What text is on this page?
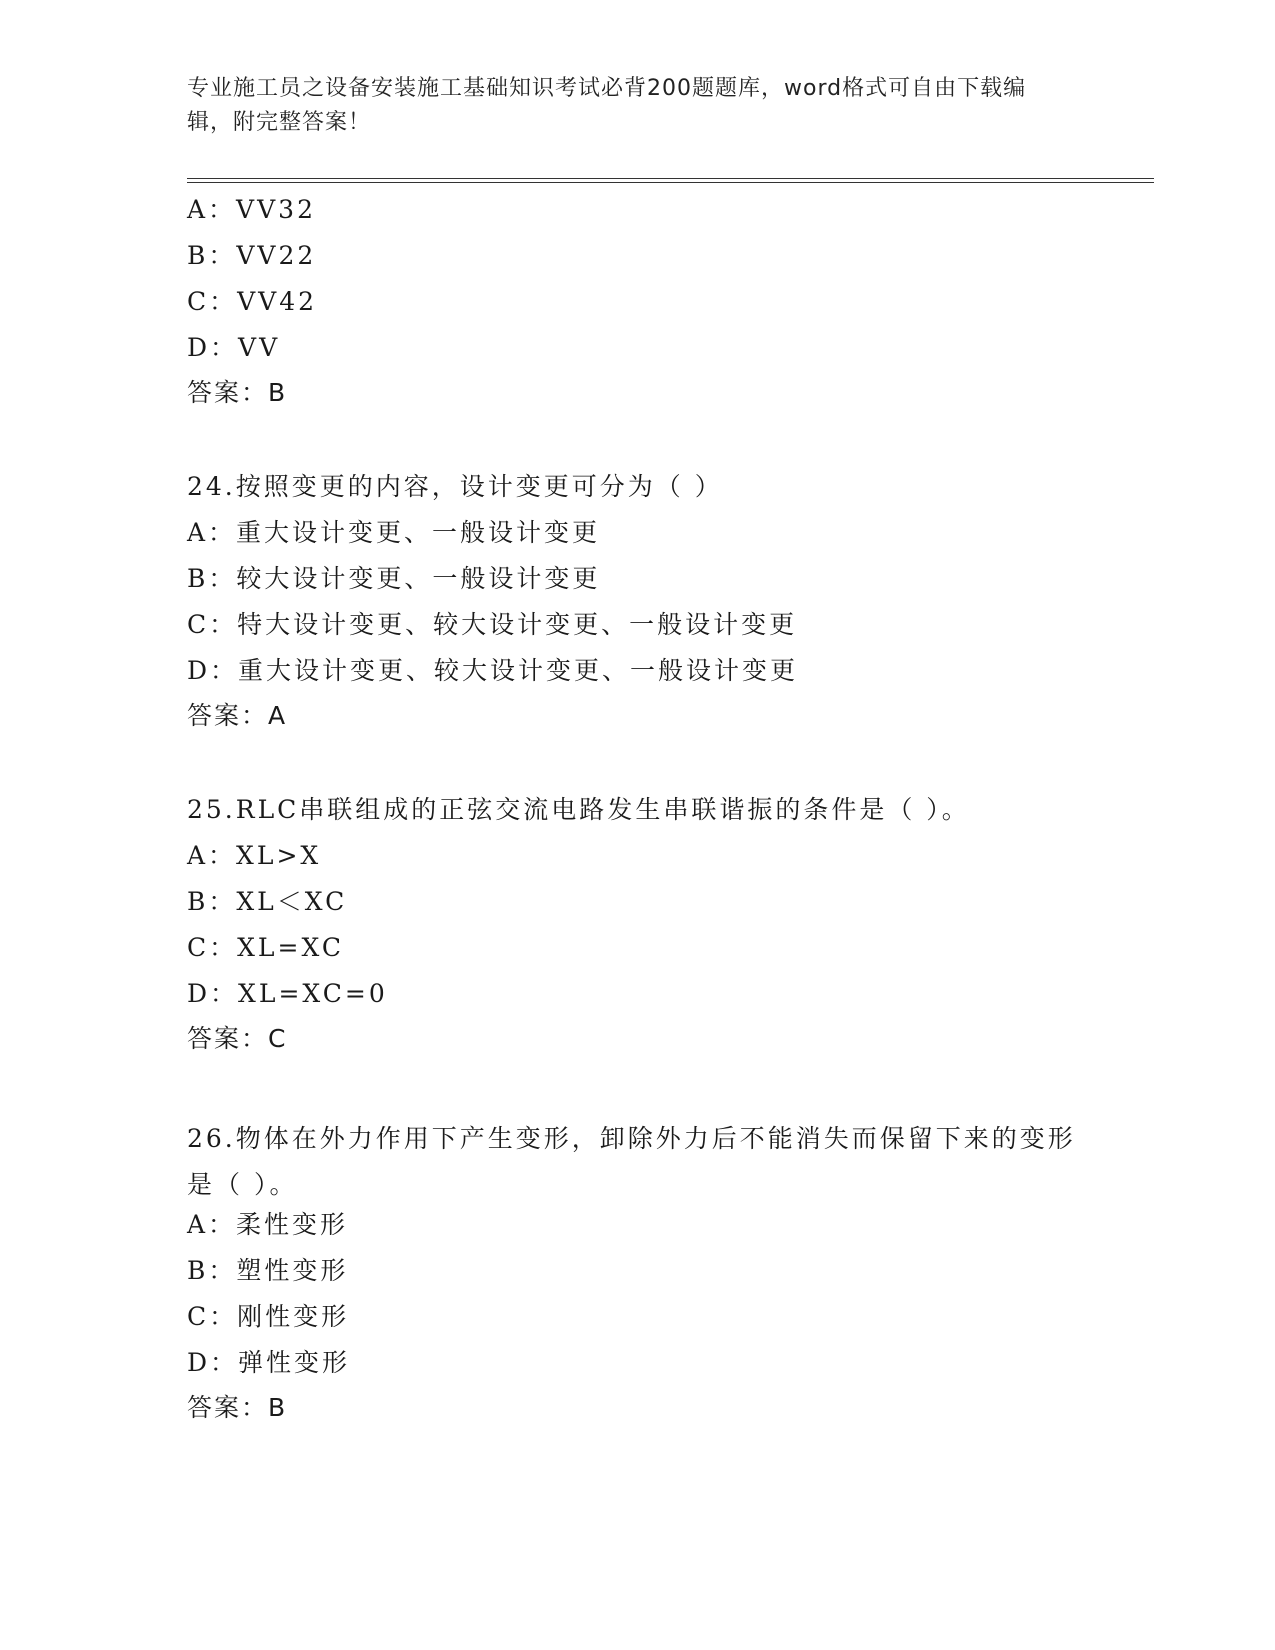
专业施工员之设备安装施工基础知识考试必背200题题库，word格式可自由下载编辑，附完整答案！
A：VV32
B：VV22
C：VV42
D：VV
答案：B
24.按照变更的内容，设计变更可分为（ ）
A：重大设计变更、一般设计变更
B：较大设计变更、一般设计变更
C：特大设计变更、较大设计变更、一般设计变更
D：重大设计变更、较大设计变更、一般设计变更
答案：A
25.RLC串联组成的正弦交流电路发生串联谐振的条件是（ ）。
A：XL>X
B：XL＜XC
C：XL=XC
D：XL=XC=0
答案：C
26.物体在外力作用下产生变形，卸除外力后不能消失而保留下来的变形是（ ）。
A：柔性变形
B：塑性变形
C：刚性变形
D：弹性变形
答案：B
